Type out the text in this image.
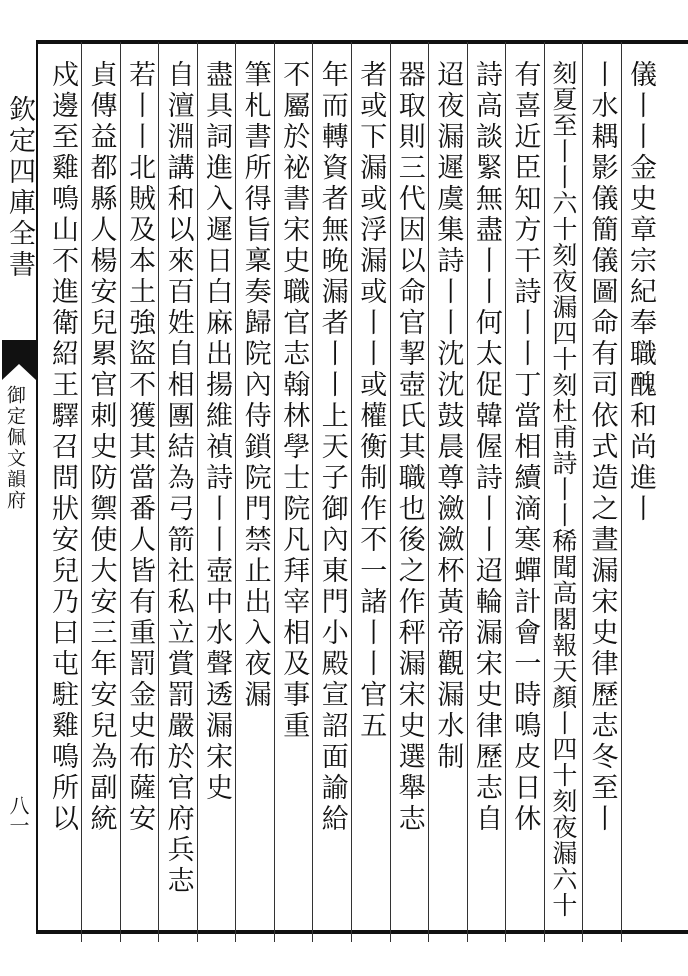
欽定四庫全書
御定佩文韻府
八一
儀丨丨金史章宗紀奉職醜和尚進丨
丨水耦影儀簡儀圖命有司依式造之晝漏宋史律歷志冬至丨
刻夏至丨丨六十刻夜漏四十刻杜甫詩丨丨稀聞高閣報天顏丨四十刻夜漏六十
有喜近臣知方干詩丨丨丁當相續滴寒蟬計會一時鳴皮日休
詩高談緊無盡丨丨何太促韓偓詩丨丨迢輪漏宋史律歷志自
迢夜漏遲虞集詩丨丨沈沈鼓晨尊瀲瀲杯黃帝觀漏水制
器取則三代因以命官挈壺氏其職也後之作秤漏宋史選舉志
者或下漏或浮漏或丨丨或權衡制作不一諸丨丨官五
年而轉資者無晚漏者丨丨上天子御內東門小殿宣詔面諭給
不屬於祕書宋史職官志翰林學士院凡拜宰相及事重
筆札書所得旨稟奏歸院內侍鎖院門禁止出入夜漏
盡具詞進入遲日白麻出揚維禎詩丨丨壺中水聲透漏宋史
自澶淵講和以來百姓自相團結為弓箭社私立賞罰嚴於官府兵志
若丨丨北賊及本土強盜不獲其當番人皆有重罰金史布薩安
貞傳益都縣人楊安兒累官刺史防禦使大安三年安兒為副統
戍邊至雞鳴山不進衛紹王驛召問狀安兒乃曰屯駐雞鳴所以
